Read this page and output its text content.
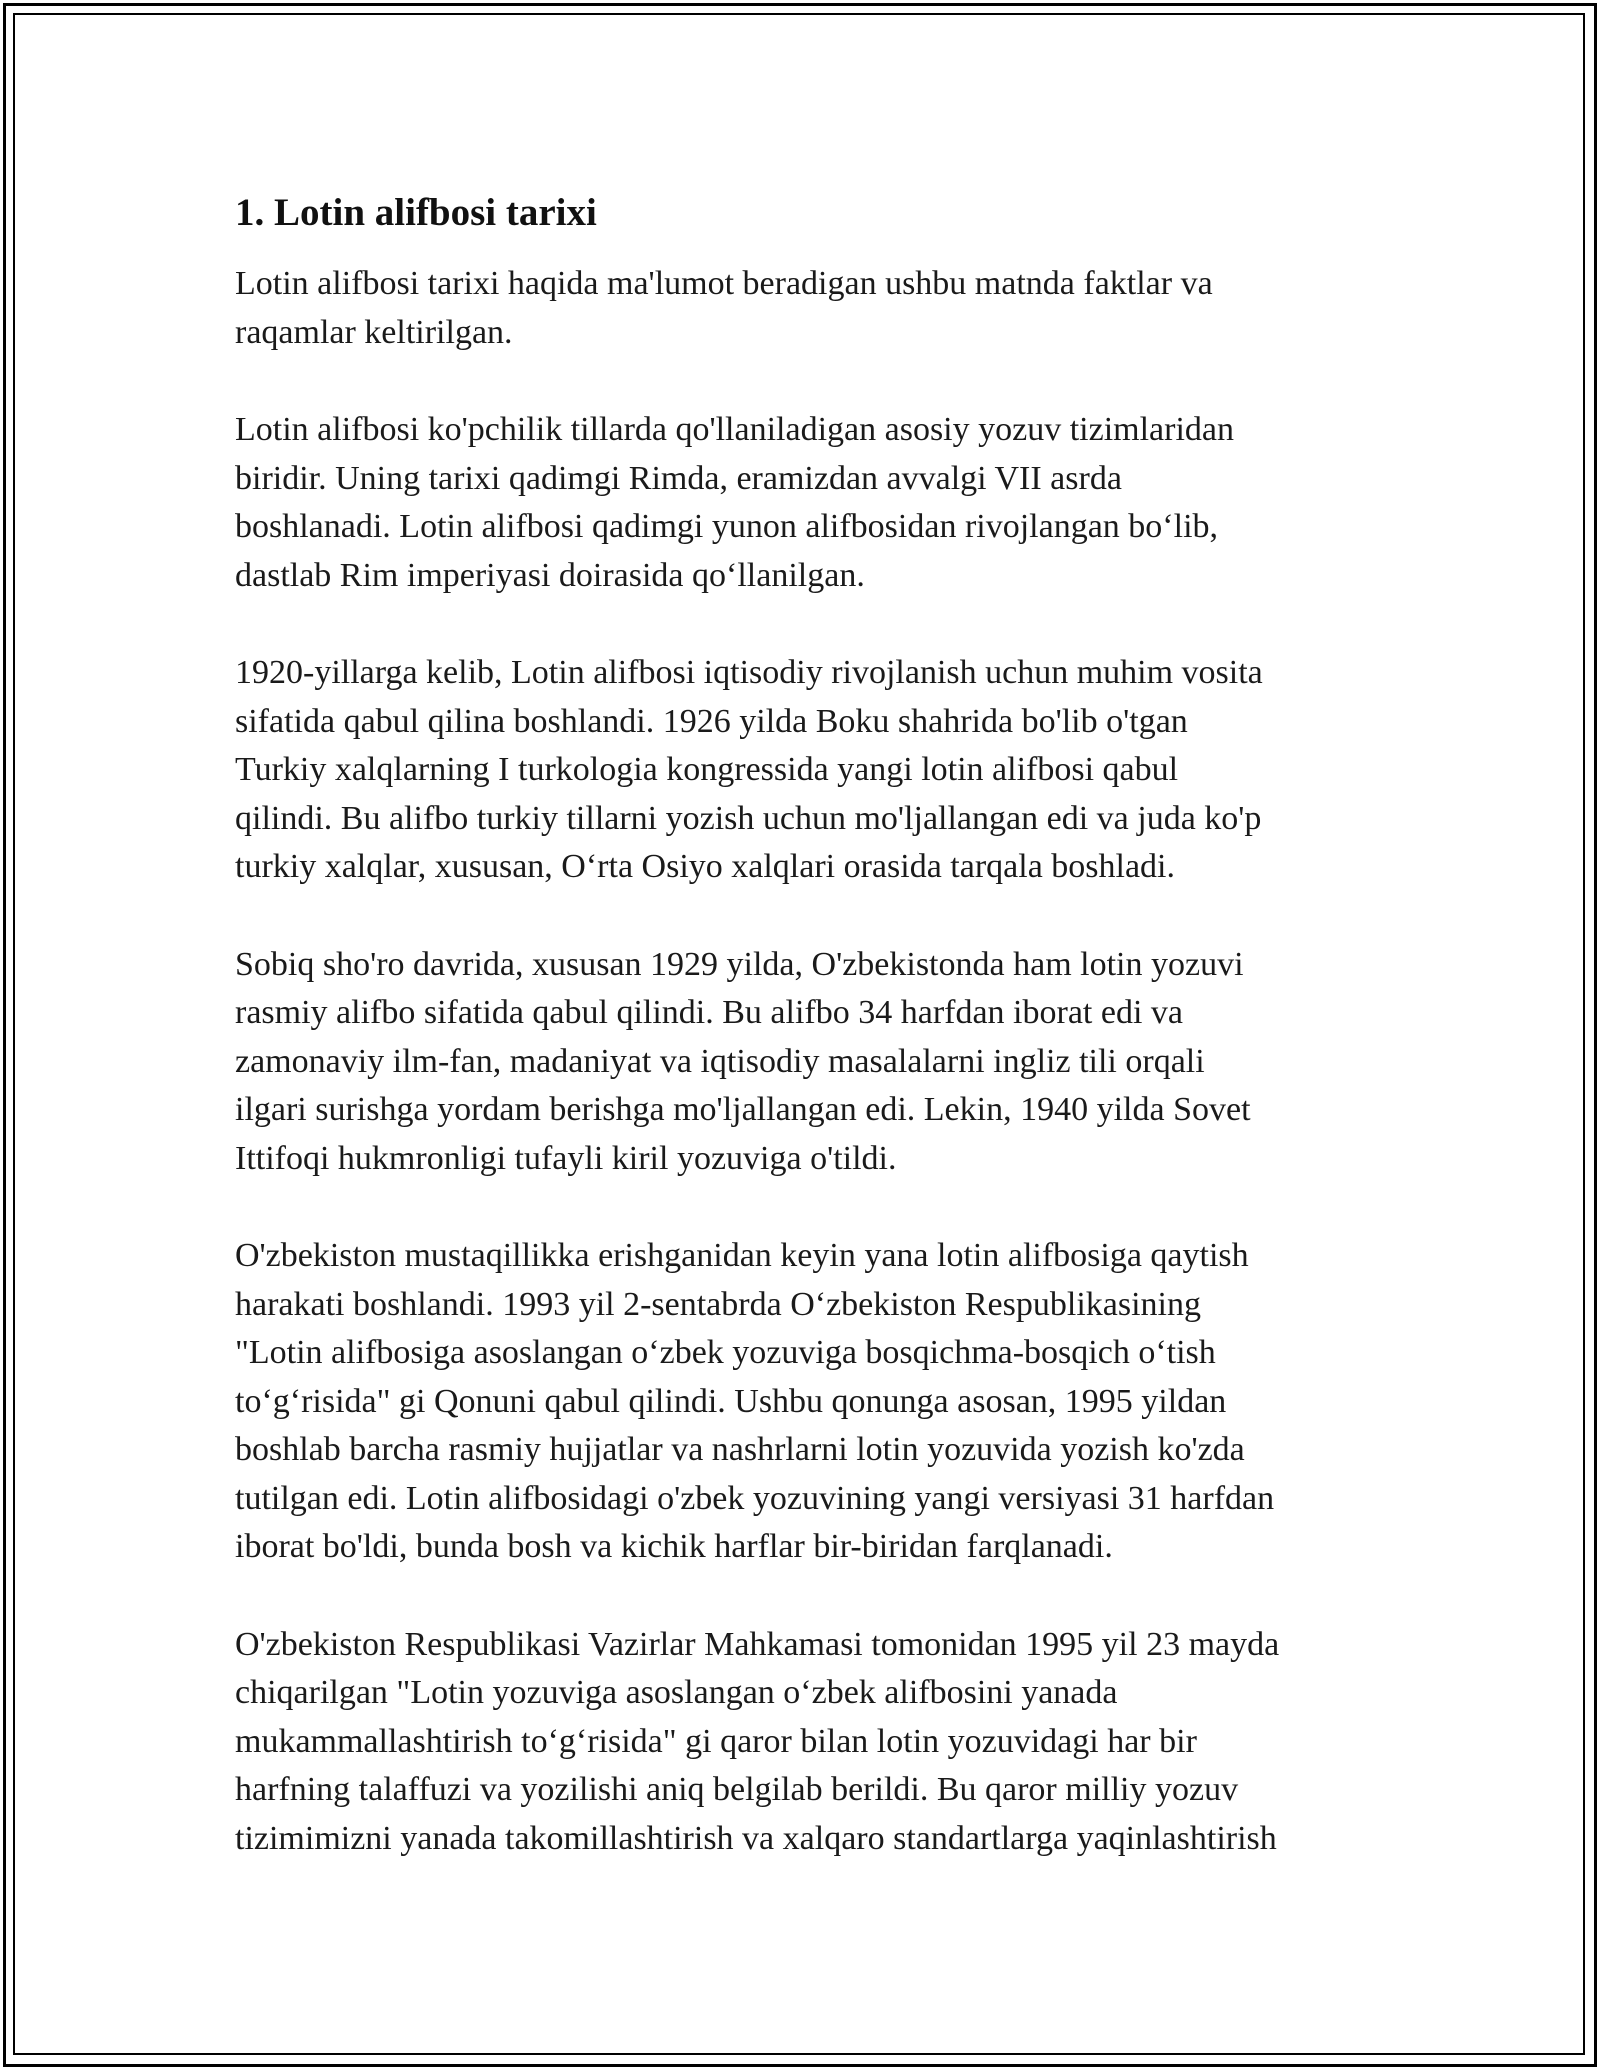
1. Lotin alifbosi tarixi

Lotin alifbosi tarixi haqida ma'lumot beradigan ushbu matnda faktlar va
raqamlar keltirilgan.

Lotin alifbosi ko'pchilik tillarda qo'llaniladigan asosiy yozuv tizimlaridan
biridir. Uning tarixi qadimgi Rimda, eramizdan avvalgi VII asrda
boshlanadi. Lotin alifbosi qadimgi yunon alifbosidan rivojlangan bo‘lib,
dastlab Rim imperiyasi doirasida qo‘llanilgan.

1920-yillarga kelib, Lotin alifbosi iqtisodiy rivojlanish uchun muhim vosita
sifatida qabul qilina boshlandi. 1926 yilda Boku shahrida bo'lib o'tgan
Turkiy xalqlarning I turkologia kongressida yangi lotin alifbosi qabul
qilindi. Bu alifbo turkiy tillarni yozish uchun mo'ljallangan edi va juda ko'p
turkiy xalqlar, xususan, O‘rta Osiyo xalqlari orasida tarqala boshladi.

Sobiq sho'ro davrida, xususan 1929 yilda, O'zbekistonda ham lotin yozuvi
rasmiy alifbo sifatida qabul qilindi. Bu alifbo 34 harfdan iborat edi va
zamonaviy ilm-fan, madaniyat va iqtisodiy masalalarni ingliz tili orqali
ilgari surishga yordam berishga mo'ljallangan edi. Lekin, 1940 yilda Sovet
Ittifoqi hukmronligi tufayli kiril yozuviga o'tildi.

O'zbekiston mustaqillikka erishganidan keyin yana lotin alifbosiga qaytish
harakati boshlandi. 1993 yil 2-sentabrda O‘zbekiston Respublikasining
"Lotin alifbosiga asoslangan o‘zbek yozuviga bosqichma-bosqich o‘tish
to‘g‘risida" gi Qonuni qabul qilindi. Ushbu qonunga asosan, 1995 yildan
boshlab barcha rasmiy hujjatlar va nashrlarni lotin yozuvida yozish ko'zda
tutilgan edi. Lotin alifbosidagi o'zbek yozuvining yangi versiyasi 31 harfdan
iborat bo'ldi, bunda bosh va kichik harflar bir-biridan farqlanadi.

O'zbekiston Respublikasi Vazirlar Mahkamasi tomonidan 1995 yil 23 mayda
chiqarilgan "Lotin yozuviga asoslangan o‘zbek alifbosini yanada
mukammallashtirish to‘g‘risida" gi qaror bilan lotin yozuvidagi har bir
harfning talaffuzi va yozilishi aniq belgilab berildi. Bu qaror milliy yozuv
tizimimizni yanada takomillashtirish va xalqaro standartlarga yaqinlashtirish
